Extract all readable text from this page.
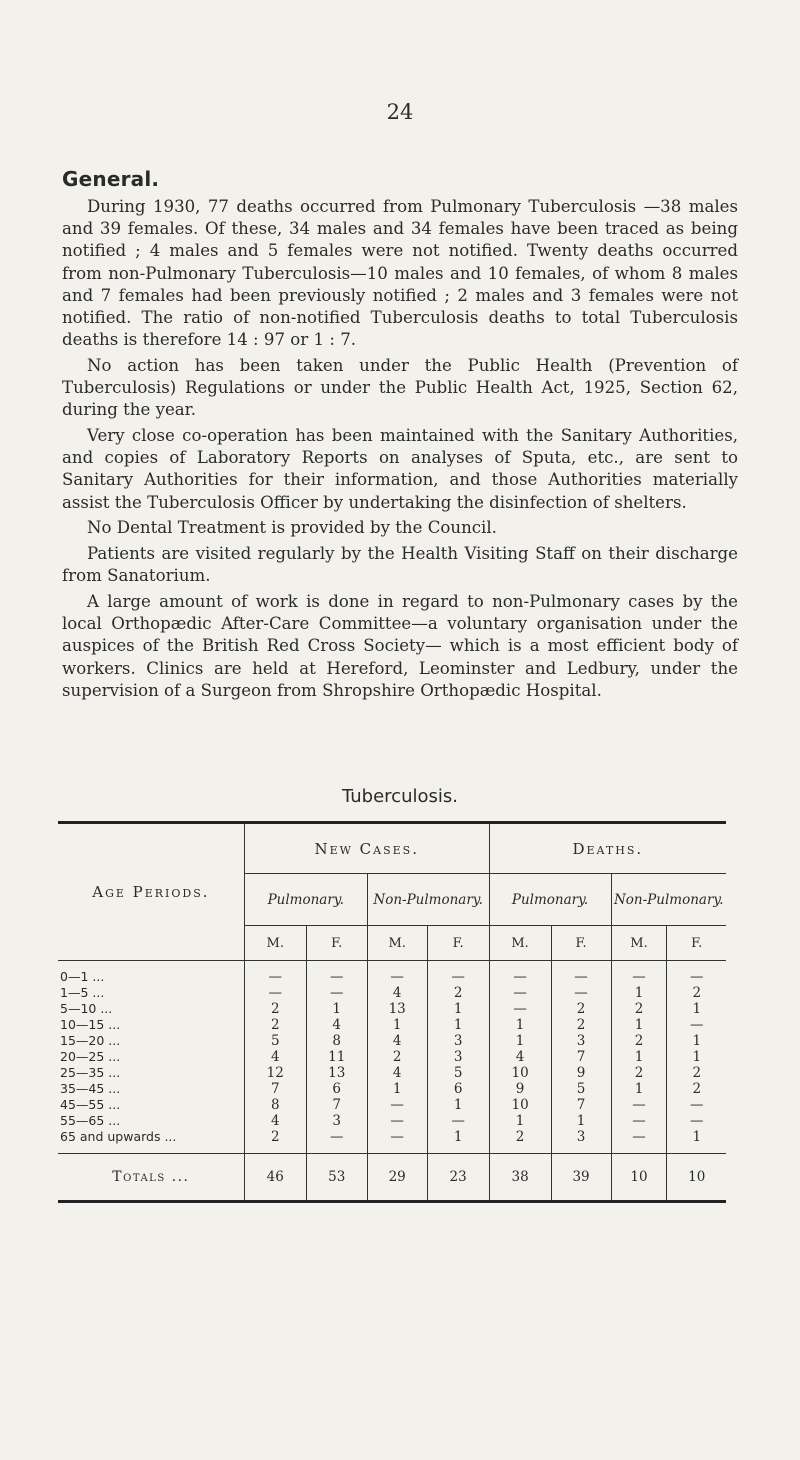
24
General.

During 1930, 77 deaths occurred from Pulmonary Tuberculosis —38 males and 39 females. Of these, 34 males and 34 females have been traced as being notified ; 4 males and 5 females were not notified. Twenty deaths occurred from non-Pulmonary Tuberculosis—10 males and 10 females, of whom 8 males and 7 females had been previously notified ; 2 males and 3 females were not notified. The ratio of non-notified Tuberculosis deaths to total Tuberculosis deaths is therefore 14 : 97 or 1 : 7.

No action has been taken under the Public Health (Prevention of Tuberculosis) Regulations or under the Public Health Act, 1925, Section 62, during the year.

Very close co-operation has been maintained with the Sanitary Authorities, and copies of Laboratory Reports on analyses of Sputa, etc., are sent to Sanitary Authorities for their information, and those Authorities materially assist the Tuberculosis Officer by undertaking the disinfection of shelters.

No Dental Treatment is provided by the Council.

Patients are visited regularly by the Health Visiting Staff on their discharge from Sanatorium.

A large amount of work is done in regard to non-Pulmonary cases by the local Orthopædic After-Care Committee—a voluntary organisation under the auspices of the British Red Cross Society— which is a most efficient body of workers. Clinics are held at Hereford, Leominster and Ledbury, under the supervision of a Surgeon from Shropshire Orthopædic Hospital.

Tuberculosis.
Age Periods.	New Cases.				Deaths.			
	Pulmonary.		Non-Pulmonary.		Pulmonary.		Non-Pulmonary.	
	M.	F.	M.	F.	M.	F.	M.	F.

0—1 ...	—	—	—	—	—	—	—	—
1—5 ...	—	—	4	2	—	—	1	2
5—10 ...	2	1	13	1	—	2	2	1
10—15 ...	2	4	1	1	1	2	1	—
15—20 ...	5	8	4	3	1	3	2	1
20—25 ...	4	11	2	3	4	7	1	1
25—35 ...	12	13	4	5	10	9	2	2
35—45 ...	7	6	1	6	9	5	1	2
45—55 ...	8	7	—	1	10	7	—	—
55—65 ...	4	3	—	—	1	1	—	—
65 and upwards ...	2	—	—	1	2	3	—	1

Totals ...	46	53	29	23	38	39	10	10
